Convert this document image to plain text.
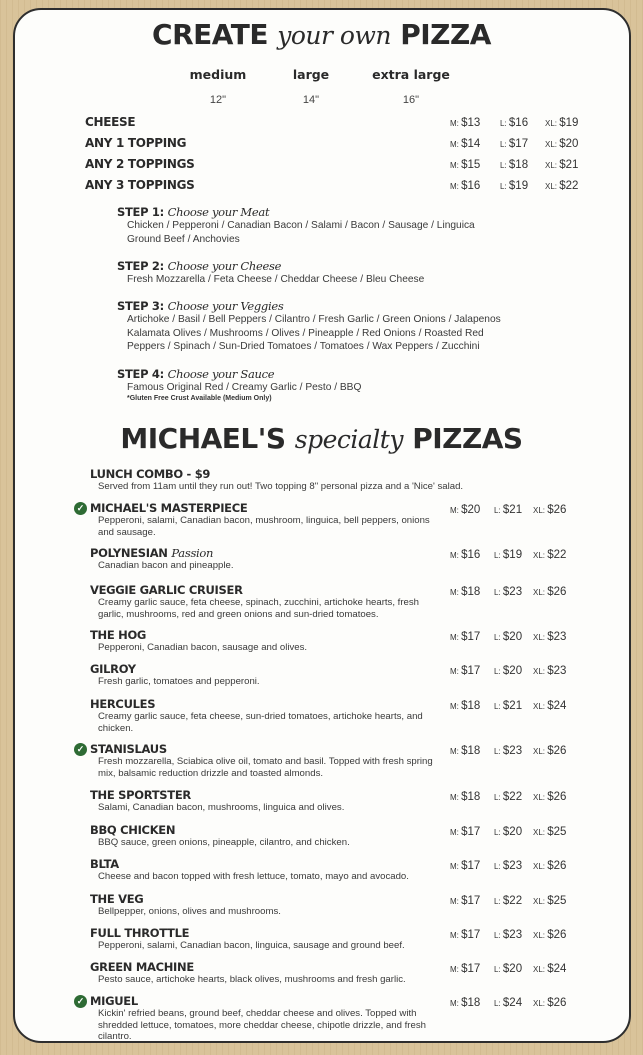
CREATE your own PIZZA
medium
12"
large
14"
extra large
16"
CHEESE	M: $13 L: $16 XL: $19
ANY 1 TOPPING	M: $14 L: $17 XL: $20
ANY 2 TOPPINGS	M: $15 L: $18 XL: $21
ANY 3 TOPPINGS	M: $16 L: $19 XL: $22
STEP 1: Choose your Meat
Chicken / Pepperoni / Canadian Bacon / Salami / Bacon / Sausage / Linguica
Ground Beef / Anchovies
STEP 2: Choose your Cheese
Fresh Mozzarella / Feta Cheese / Cheddar Cheese / Bleu Cheese
STEP 3: Choose your Veggies
Artichoke / Basil / Bell Peppers / Cilantro / Fresh Garlic / Green Onions / Jalapenos
Kalamata Olives / Mushrooms / Olives / Pineapple / Red Onions / Roasted Red
Peppers / Spinach / Sun-Dried Tomatoes / Tomatoes / Wax Peppers / Zucchini
STEP 4: Choose your Sauce
Famous Original Red / Creamy Garlic / Pesto / BBQ
*Gluten Free Crust Available (Medium Only)
MICHAEL'S specialty PIZZAS
LUNCH COMBO - $9
Served from 11am until they run out! Two topping 8" personal pizza and a 'Nice' salad.
✓ MICHAEL'S MASTERPIECE
Pepperoni, salami, Canadian bacon, mushroom, linguica, bell peppers, onions and sausage.
M: $20 L: $21 XL: $26
POLYNESIAN Passion
Canadian bacon and pineapple.
M: $16 L: $19 XL: $22
VEGGIE GARLIC CRUISER
Creamy garlic sauce, feta cheese, spinach, zucchini, artichoke hearts, fresh garlic, mushrooms, red and green onions and sun-dried tomatoes.
M: $18 L: $23 XL: $26
THE HOG
Pepperoni, Canadian bacon, sausage and olives.
M: $17 L: $20 XL: $23
GILROY
Fresh garlic, tomatoes and pepperoni.
M: $17 L: $20 XL: $23
HERCULES
Creamy garlic sauce, feta cheese, sun-dried tomatoes, artichoke hearts, and chicken.
M: $18 L: $21 XL: $24
✓ STANISLAUS
Fresh mozzarella, Sciabica olive oil, tomato and basil. Topped with fresh spring mix, balsamic reduction drizzle and toasted almonds.
M: $18 L: $23 XL: $26
THE SPORTSTER
Salami, Canadian bacon, mushrooms, linguica and olives.
M: $18 L: $22 XL: $26
BBQ CHICKEN
BBQ sauce, green onions, pineapple, cilantro, and chicken.
M: $17 L: $20 XL: $25
BLTA
Cheese and bacon topped with fresh lettuce, tomato, mayo and avocado.
M: $17 L: $23 XL: $26
THE VEG
Bellpepper, onions, olives and mushrooms.
M: $17 L: $22 XL: $25
FULL THROTTLE
Pepperoni, salami, Canadian bacon, linguica, sausage and ground beef.
M: $17 L: $23 XL: $26
GREEN MACHINE
Pesto sauce, artichoke hearts, black olives, mushrooms and fresh garlic.
M: $17 L: $20 XL: $24
✓ MIGUEL
Kickin' refried beans, ground beef, cheddar cheese and olives. Topped with shredded lettuce, tomatoes, more cheddar cheese, chipotle drizzle, and fresh cilantro.
M: $18 L: $24 XL: $26
